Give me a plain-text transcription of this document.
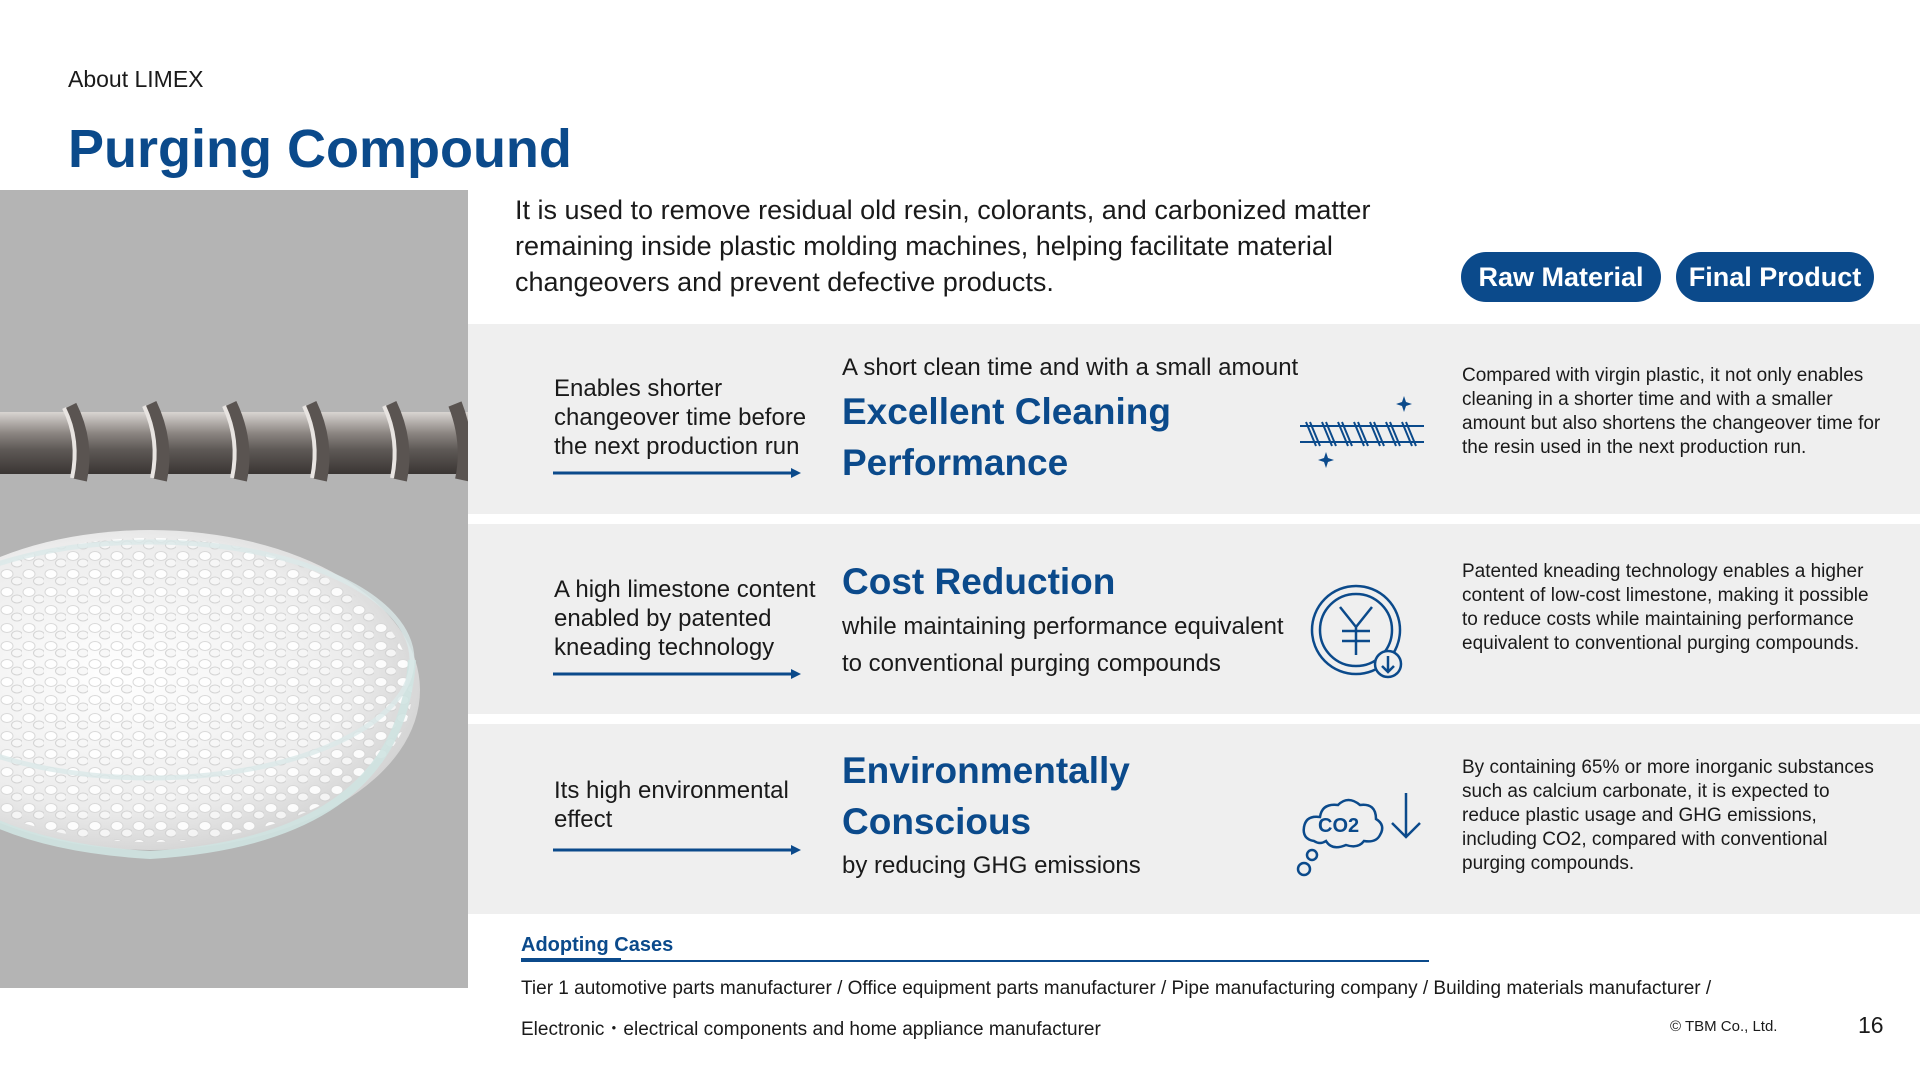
About LIMEX
Purging Compound
It is used to remove residual old resin, colorants, and carbonized matter remaining inside plastic molding machines, helping facilitate material changeovers and prevent defective products.	Raw Material	Final Product
Enables shorter changeover time before the next production run
A short clean time and with a small amount
Excellent Cleaning
Performance
Compared with virgin plastic, it not only enables cleaning in a shorter time and with a smaller amount but also shortens the changeover time for the resin used in the next production run.
A high limestone content enabled by patented kneading technology
Cost Reduction
while maintaining performance equivalent
to conventional purging compounds
Patented kneading technology enables a higher content of low-cost limestone, making it possible to reduce costs while maintaining performance equivalent to conventional purging compounds.
Its high environmental effect
Environmentally
Conscious
by reducing GHG emissions
CO2
By containing 65% or more inorganic substances such as calcium carbonate, it is expected to reduce plastic usage and GHG emissions, including CO2, compared with conventional purging compounds.
Adopting Cases
Tier 1 automotive parts manufacturer / Office equipment parts manufacturer / Pipe manufacturing company / Building materials manufacturer /
Electronic・electrical components and home appliance manufacturer	© TBM Co., Ltd.	16
